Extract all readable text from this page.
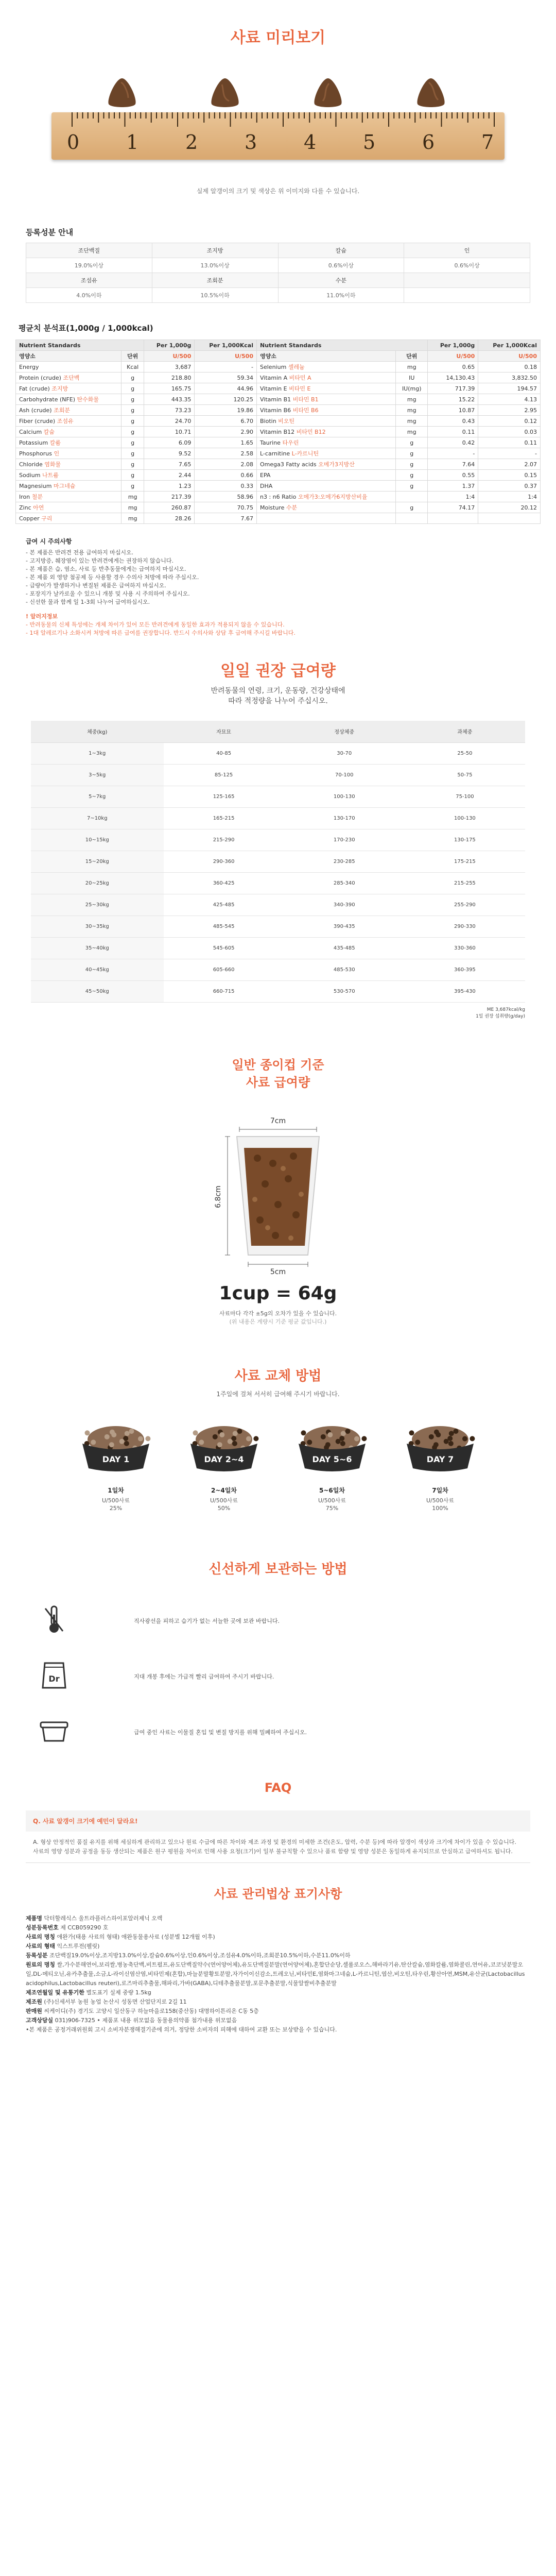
사료 미리보기
0 1 2 3 4 5 6 7
실제 알갱이의 크기 및 색상은 위 이미지와 다를 수 있습니다.
등록성분 안내
조단백질	조지방	칼슘	인
19.0%이상	13.0%이상	0.6%이상	0.6%이상
조섬유	조회분	수분	
4.0%이하	10.5%이하	11.0%이하	
평균치 분석표(1,000g / 1,000kcal)
Nutrient Standards		Per 1,000g	Per 1,000Kcal	Nutrient Standards		Per 1,000g	Per 1,000Kcal
영양소	단위	U/500	U/500	영양소	단위	U/500	U/500
Energy	Kcal	3,687	-	Selenium 셀레늄	mg	0.65	0.18
Protein (crude) 조단백	g	218.80	59.34	Vitamin A 비타민 A	IU	14,130.43	3,832.50
Fat (crude) 조지방	g	165.75	44.96	Vitamin E 비타민 E	IU(mg)	717.39	194.57
Carbohydrate (NFE) 탄수화물	g	443.35	120.25	Vitamin B1 비타민 B1	mg	15.22	4.13
Ash (crude) 조회분	g	73.23	19.86	Vitamin B6 비타민 B6	mg	10.87	2.95
Fiber (crude) 조섬유	g	24.70	6.70	Biotin 비오틴	mg	0.43	0.12
Calcium 칼슘	g	10.71	2.90	Vitamin B12 비타민 B12	mg	0.11	0.03
Potassium 칼륨	g	6.09	1.65	Taurine 타우린	g	0.42	0.11
Phosphorus 인	g	9.52	2.58	L-carnitine L-카르니틴	g	-	-
Chloride 염화물	g	7.65	2.08	Omega3 Fatty acids 오메가3지방산	g	7.64	2.07
Sodium 나트륨	g	2.44	0.66	EPA	g	0.55	0.15
Magnesium 마그네슘	g	1.23	0.33	DHA	g	1.37	0.37
Iron 철분	mg	217.39	58.96	n3 : n6 Ratio 오메가3:오메가6지방산비율		1:4	1:4
Zinc 아연	mg	260.87	70.75	Moisture 수분	g	74.17	20.12
Copper 구리	mg	28.26	7.67				
급여 시 주의사항
- 본 제품은 반려견 전용 급여하지 마십시오.
- 고지방증, 췌장염이 있는 반려견에게는 권장하지 않습니다.
- 본 제품은 습, 염소, 사료 등 반추동물에게는 급여하지 마십시오.
- 본 제품 외 영양 첨공제 등 사용할 경우 수의사 처방에 따라 주십시오.
- 급량이가 발생하거나 변질된 제품은 급여하지 마십시오.
- 포장지가 날카로울 수 있으니 개봉 및 사용 시 주의하여 주십시오.
- 신선한 물과 함께 일 1-3회 나누어 급여하십시오.
! 알러지정보
- 반려동물의 신체 특성에는 개체 차이가 있어 모든 반려견에게 동일한 효과가 적용되지 않을 수 있습니다.
- 1대 알레르기나 소화시켜 처방에 따른 급여를 권장합니다. 반드시 수의사와 상담 후 급여해 주시길 바랍니다.
일일 권장 급여량
반려동물의 연령, 크기, 운동량, 건강상태에
따라 적정량을 나누어 주십시오.
체중(kg)	자묘묘	정상체중	과체중
1~3kg	40-85	30-70	25-50
3~5kg	85-125	70-100	50-75
5~7kg	125-165	100-130	75-100
7~10kg	165-215	130-170	100-130
10~15kg	215-290	170-230	130-175
15~20kg	290-360	230-285	175-215
20~25kg	360-425	285-340	215-255
25~30kg	425-485	340-390	255-290
30~35kg	485-545	390-435	290-330
35~40kg	545-605	435-485	330-360
40~45kg	605-660	485-530	360-395
45~50kg	660-715	530-570	395-430
ME 3,687kcal/kg
1일 권장 섭취량(g/day)
일반 종이컵 기준
사료 급여량
7cm
6.8cm
5cm
1cup = 64g
사료마다 각각 ±5g의 오차가 있을 수 있습니다.
(위 내용은 계량시 기준 평균 값입니다.)
사료 교체 방법
1주일에 걸쳐 서서히 급여해 주시기 바랍니다.
DAY 1
1일차
U/500사료
25%
DAY 2~4
2~4일차
U/500사료
50%
DAY 5~6
5~6일차
U/500사료
75%
DAY 7
7일차
U/500사료
100%
신선하게 보관하는 방법
직사광선을 피하고 습기가 없는 서늘한 곳에 보관 바랍니다.
Dr	지대 개봉 후에는 가급적 빨리 급여하여 주시기 바랍니다.
급여 중인 사료는 이물질 혼입 및 변질 방지를 위해 밀폐하여 주십시오.
FAQ
Q. 사료 알갱이 크기에 예민이 달라요!
A. 형상 안정적인 품질 유지를 위해 세심하게 관리하고 있으나 원료 수급에 따른 차이와 제조 과정 및 환경의 미세한 조건(온도, 압력, 수분 등)에 따라 알갱이 색상과 크기에 차이가 있을 수 있습니다. 사료의 영양 성분과 공정을 동등 생산되는 제품은 원구 평원을 차이로 인해 사용 요청(크기)이 일부 불규칙할 수 있으나 품료 함량 및 영양 성분은 동일하게 유지되므로 안심하고 급여하셔도 됩니다.
사료 관리법상 표기사항

제품명 닥터할레식스 울트라플러스하이포알러제닉 오렉

성분등록번호 제 CCB059290 호

사료의 명칭 애완가(태용 사료의 형태) 애완동물용사료 (성분별 12개월 이후)

사료의 형태 익스트루전(펠릿)

등록성분 조단백질19.0%이상,조지방13.0%이상,칼슘0.6%이상,인0.6%이상,조섬유4.0%이하,조회분10.5%이하,수분11.0%이하

원료의 명칭 쌀,가수분해연어,보리쌀,병농축단백,비트펄프,유도단백질약수(연어양어체),유도단백질분말(연어양어체),혼합단순당,셀룰로오스,해바라기유,탄산칼슘,염화칼륨,염화콜린,연어유,코코넛분말오일,DL-메티오닌,유카추출물,소금,L-라이신염산염,비타민제(혼합),마늘분말황토분말,자가이이신감소,트레오닌,비타민E,염화마그네슘,L-카르니틴,엽산,비오틴,타우린,황산아연,MSM,유산균(Lactobacillus acidophilus,Lactobacillus reuteri),로즈마리추출물,해파리,가바(GABA),디테추출물분말,포문추출분말,식물알쌀비추출분말

제조연월일 및 유통기한 별도표기 실제 중량 1.5kg

제조원 (주)신세서부 농원 농업 논산시 성동면 산업단지로 2길 11

판매원 씨케이디(주) 경기도 고양시 일산동구 하늘마을로158(중산동) 대명하이튼리온 C동 5층

고객상담실 031)906-7325 • 제품포 내용 위모없음 동물용의약품 첨가내용 위모없음

•본 제품은 공정거래위원회 고시 소비자분쟁해결기준에 의거, 정당한 소비자의 피해에 대하여 교환 또는 보상받을 수 있습니다.
